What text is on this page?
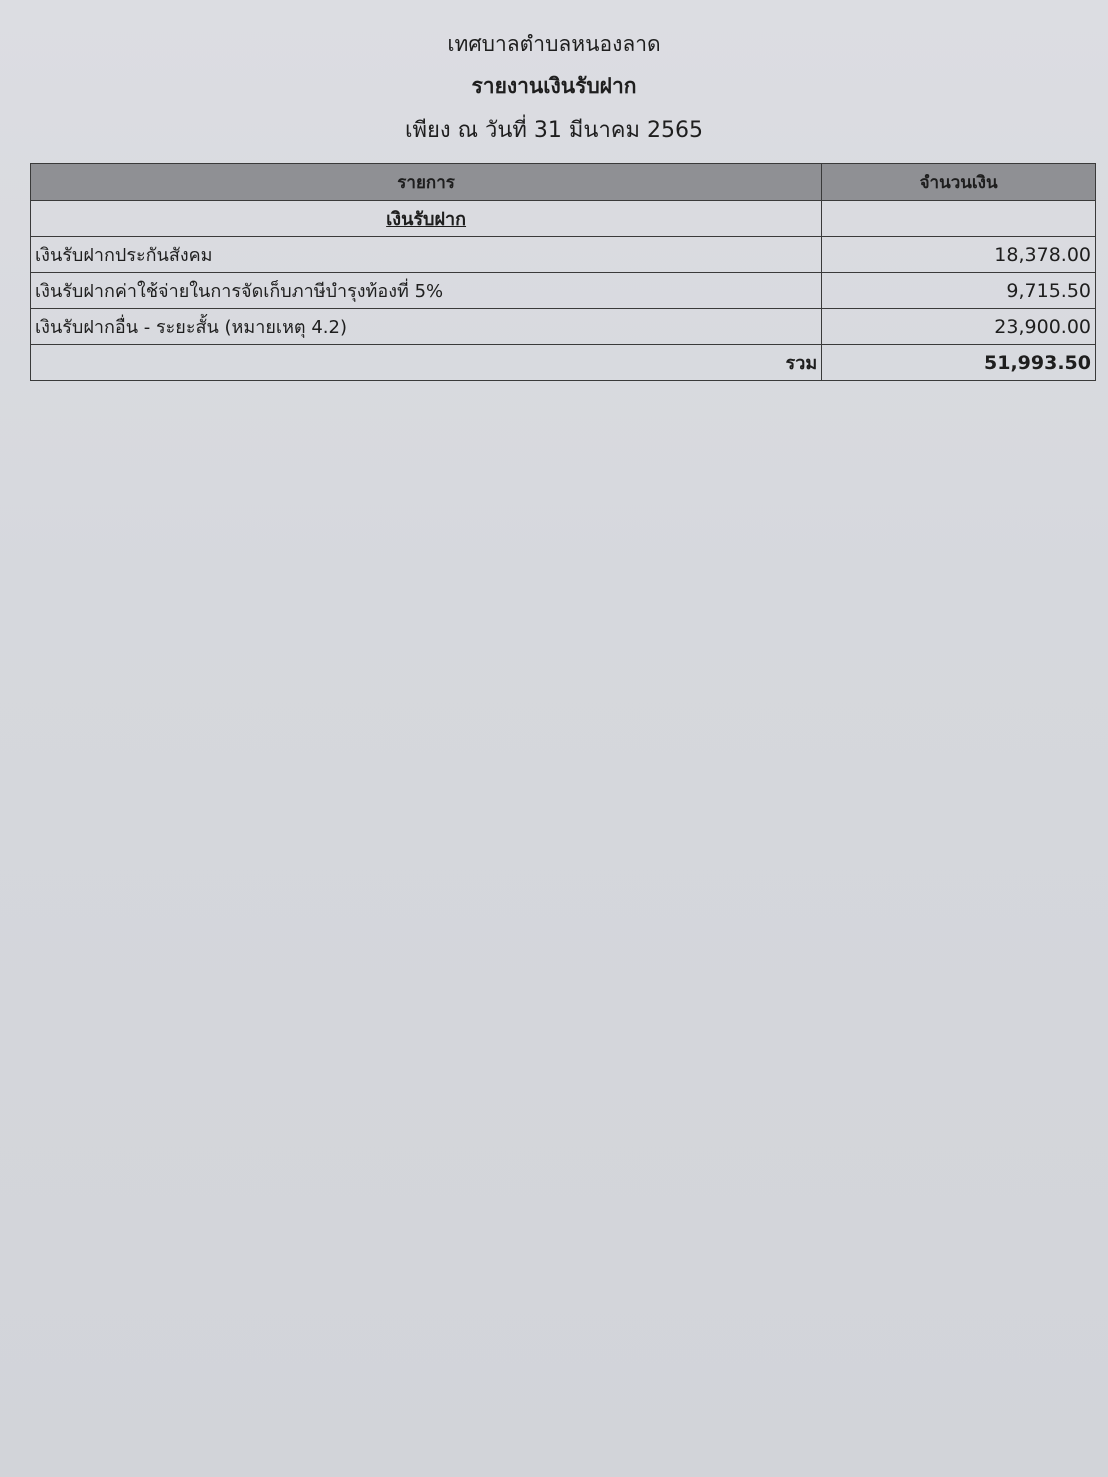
เทศบาลตำบลหนองลาด
รายงานเงินรับฝาก
เพียง ณ วันที่ 31 มีนาคม 2565
รายการ	จำนวนเงิน
เงินรับฝาก	
เงินรับฝากประกันสังคม	18,378.00
เงินรับฝากค่าใช้จ่ายในการจัดเก็บภาษีบำรุงท้องที่ 5%	9,715.50
เงินรับฝากอื่น - ระยะสั้น (หมายเหตุ 4.2)	23,900.00
รวม	51,993.50
